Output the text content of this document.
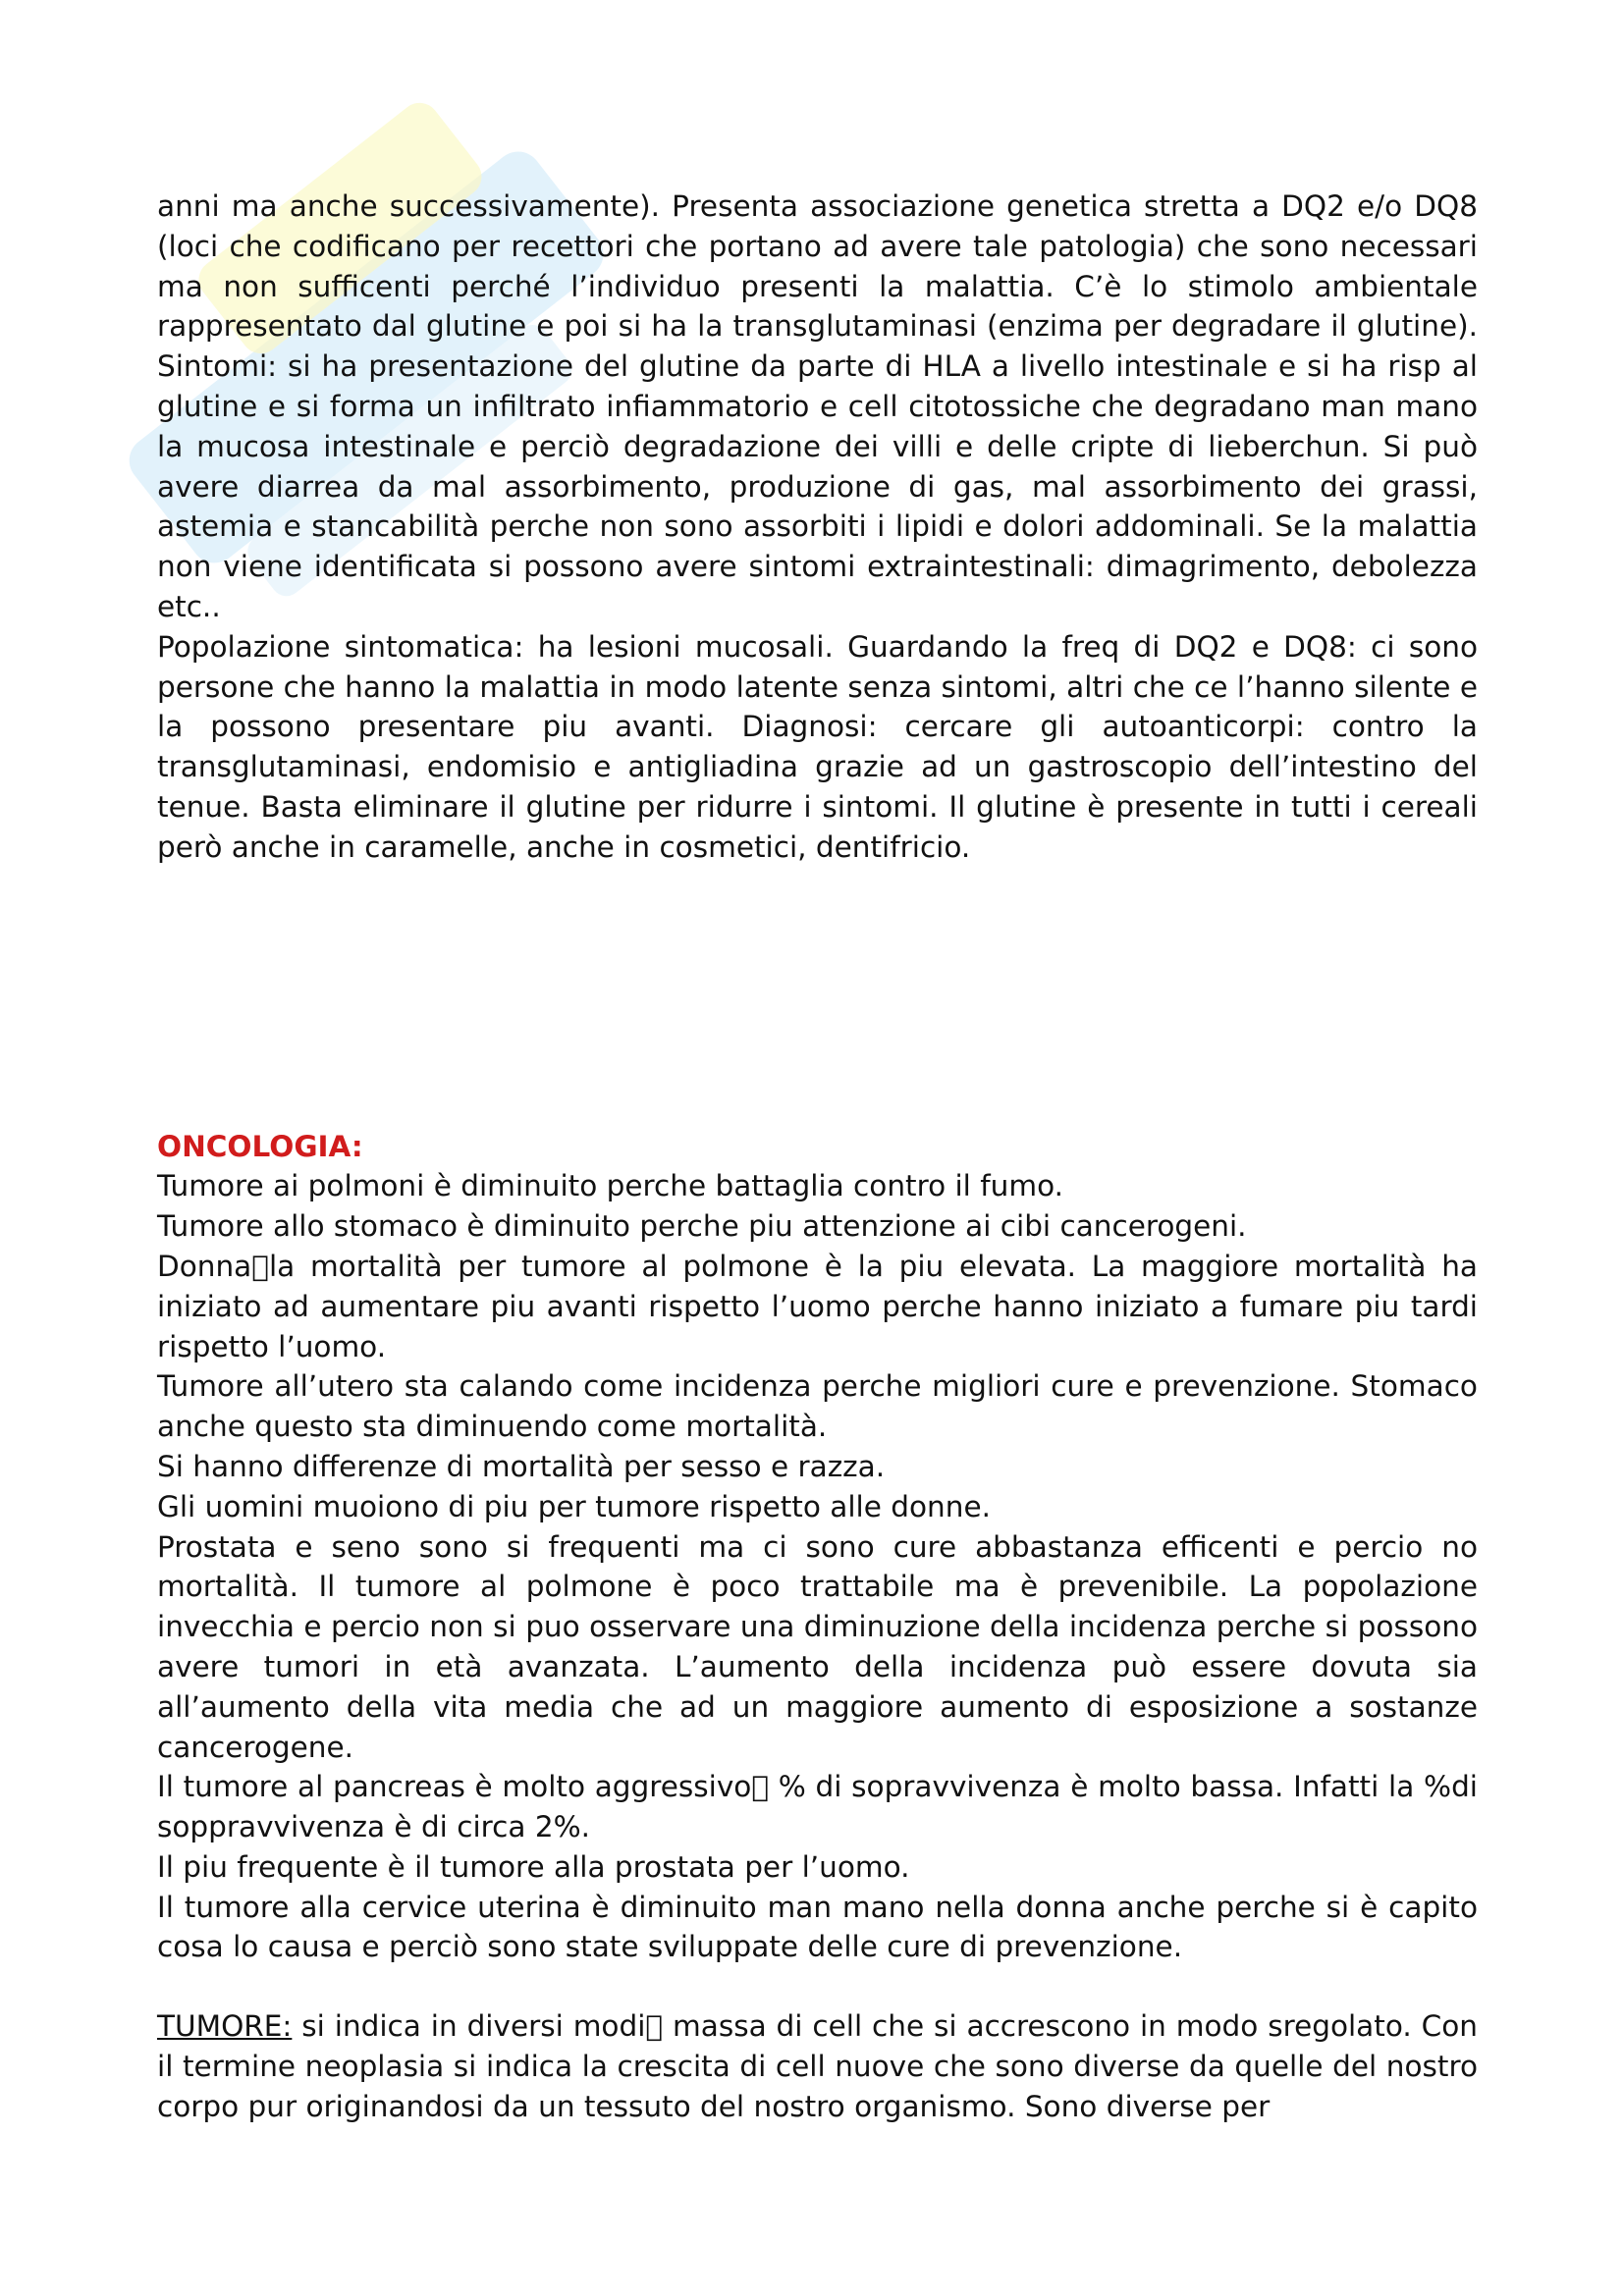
anni ma anche successivamente). Presenta associazione genetica stretta a DQ2 e/o DQ8 (loci che codificano per recettori che portano ad avere tale patologia) che sono necessari ma non sufficenti perché l’individuo presenti la malattia. C’è lo stimolo ambientale rappresentato dal glutine e poi si ha la transglutaminasi (enzima per degradare il glutine). Sintomi: si ha presentazione del glutine da parte di HLA a livello intestinale e si ha risp al glutine e si forma un infiltrato infiammatorio e cell citotossiche che degradano man mano la mucosa intestinale e perciò degradazione dei villi e delle cripte di lieberchun. Si può avere diarrea da mal assorbimento, produzione di gas, mal assorbimento dei grassi, astemia e stancabilità perche non sono assorbiti i lipidi e dolori addominali. Se la malattia non viene identificata si possono avere sintomi extraintestinali: dimagrimento, debolezza etc..

Popolazione sintomatica: ha lesioni mucosali. Guardando la freq di DQ2 e DQ8: ci sono persone che hanno la malattia in modo latente senza sintomi, altri che ce l’hanno silente e la possono presentare piu avanti. Diagnosi: cercare gli autoanticorpi: contro la transglutaminasi, endomisio e antigliadina grazie ad un gastroscopio dell’intestino del tenue. Basta eliminare il glutine per ridurre i sintomi. Il glutine è presente in tutti i cereali però anche in caramelle, anche in cosmetici, dentifricio.

ONCOLOGIA:

Tumore ai polmoni è diminuito perche battaglia contro il fumo.

Tumore allo stomaco è diminuito perche piu attenzione ai cibi cancerogeni.

Donna la mortalità per tumore al polmone è la piu elevata. La maggiore mortalità ha iniziato ad aumentare piu avanti rispetto l’uomo perche hanno iniziato a fumare piu tardi rispetto l’uomo.

Tumore all’utero sta calando come incidenza perche migliori cure e prevenzione. Stomaco anche questo sta diminuendo come mortalità.

Si hanno differenze di mortalità per sesso e razza.

Gli uomini muoiono di piu per tumore rispetto alle donne.

Prostata e seno sono si frequenti ma ci sono cure abbastanza efficenti e percio no mortalità. Il tumore al polmone è poco trattabile ma è prevenibile. La popolazione invecchia e percio non si puo osservare una diminuzione della incidenza perche si possono avere tumori in età avanzata. L’aumento della incidenza può essere dovuta sia all’aumento della vita media che ad un maggiore aumento di esposizione a sostanze cancerogene.

Il tumore al pancreas è molto aggressivo % di sopravvivenza è molto bassa. Infatti la %di soppravvivenza è di circa 2%.

Il piu frequente è il tumore alla prostata per l’uomo.

Il tumore alla cervice uterina è diminuito man mano nella donna anche perche si è capito cosa lo causa e perciò sono state sviluppate delle cure di prevenzione.

TUMORE: si indica in diversi modi massa di cell che si accrescono in modo sregolato. Con il termine neoplasia si indica la crescita di cell nuove che sono diverse da quelle del nostro corpo pur originandosi da un tessuto del nostro organismo. Sono diverse per
